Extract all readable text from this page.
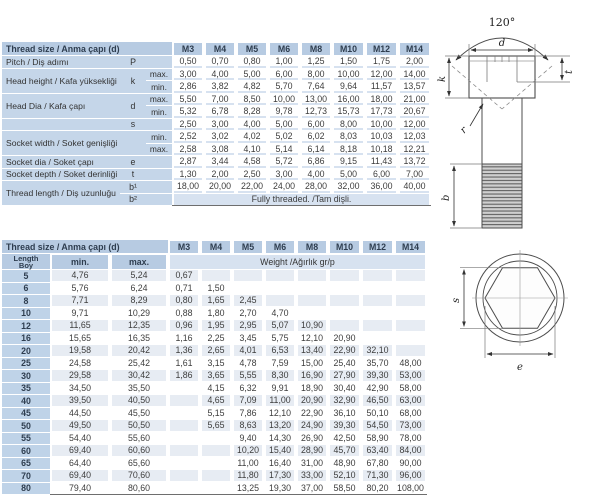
Thread size / Anma çapı (d)			M3	M4	M5	M6	M8	M10	M12	M14

Pitch / Diş adımı	P		0,50	0,70	0,80	1,00	1,25	1,50	1,75	2,00

Head height / Kafa yüksekliği	k	max.	3,00	4,00	5,00	6,00	8,00	10,00	12,00	14,00

		min.	2,86	3,82	4,82	5,70	7,64	9,64	11,57	13,57

Head Dia / Kafa çapı	d	max.	5,50	7,00	8,50	10,00	13,00	16,00	18,00	21,00

		min.	5,32	6,78	8,28	9,78	12,73	15,73	17,73	20,67

	s		2,50	3,00	4,00	5,00	6,00	8,00	10,00	12,00

Socket width / Soket genişliği		min.	2,52	3,02	4,02	5,02	6,02	8,03	10,03	12,03

		max.	2,58	3,08	4,10	5,14	6,14	8,18	10,18	12,21

Socket dia / Soket çapı	e		2,87	3,44	4,58	5,72	6,86	9,15	11,43	13,72

Socket depth / Soket derinliği	t		1,30	2,00	2,50	3,00	4,00	5,00	6,00	7,00

Thread length / Diş uzunluğu	b¹		18,00	20,00	22,00	24,00	28,00	32,00	36,00	40,00

	b²		Fully threaded. /Tam dişli.							
Thread size / Anma çapı (d)			M3	M4	M5	M6	M8	M10	M12	M14

Length
Boy	min.	max.	Weight /Ağırlık gr/p							

5	4,76	5,24	0,67							

6	5,76	6,24	0,71	1,50						

8	7,71	8,29	0,80	1,65	2,45					

10	9,71	10,29	0,88	1,80	2,70	4,70				

12	11,65	12,35	0,96	1,95	2,95	5,07	10,90			

16	15,65	16,35	1,16	2,25	3,45	5,75	12,10	20,90		

20	19,58	20,42	1,36	2,65	4,01	6,53	13,40	22,90	32,10	

25	24,58	25,42	1,61	3,15	4,78	7,59	15,00	25,40	35,70	48,00

30	29,58	30,42	1,86	3,65	5,55	8,30	16,90	27,90	39,30	53,00

35	34,50	35,50		4,15	6,32	9,91	18,90	30,40	42,90	58,00

40	39,50	40,50		4,65	7,09	11,00	20,90	32,90	46,50	63,00

45	44,50	45,50		5,15	7,86	12,10	22,90	36,10	50,10	68,00

50	49,50	50,50		5,65	8,63	13,20	24,90	39,30	54,50	73,00

55	54,40	55,60			9,40	14,30	26,90	42,50	58,90	78,00

60	69,40	60,60			10,20	15,40	28,90	45,70	63,40	84,00

65	64,40	65,60			11,00	16,40	31,00	48,90	67,80	90,00

70	69,40	70,60			11,80	17,30	33,00	52,10	71,30	96,00

80	79,40	80,60			13,25	19,30	37,00	58,50	80,20	108,00
120°
d
k
t
r
b
s
e
